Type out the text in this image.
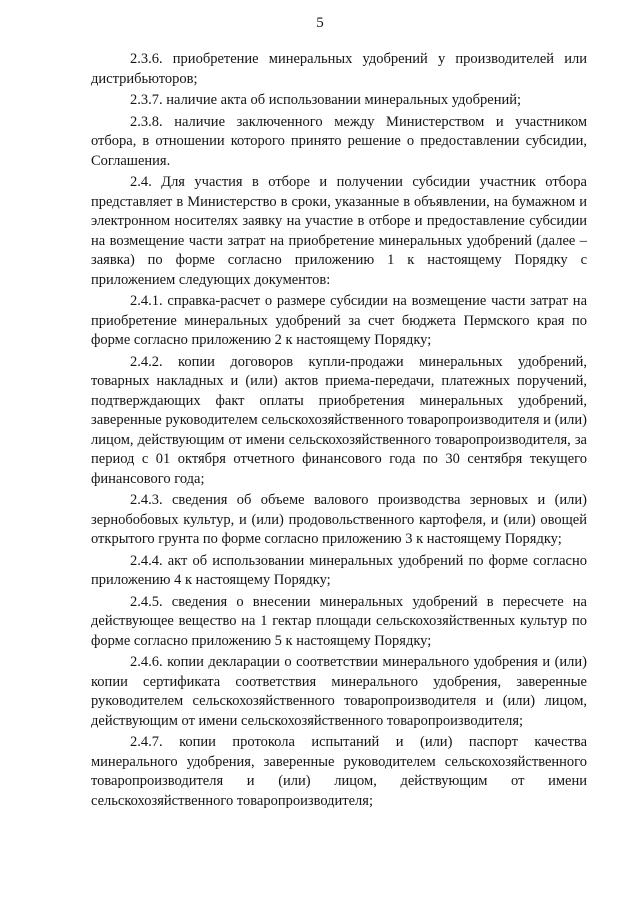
5

2.3.6. приобретение минеральных удобрений у производителей или дистрибьюторов;

2.3.7. наличие акта об использовании минеральных удобрений;

2.3.8. наличие заключенного между Министерством и участником отбора, в отношении которого принято решение о предоставлении субсидии, Соглашения.

2.4. Для участия в отборе и получении субсидии участник отбора представляет в Министерство в сроки, указанные в объявлении, на бумажном и электронном носителях заявку на участие в отборе и предоставление субсидии на возмещение части затрат на приобретение минеральных удобрений (далее – заявка) по форме согласно приложению 1 к настоящему Порядку с приложением следующих документов:

2.4.1. справка-расчет о размере субсидии на возмещение части затрат на приобретение минеральных удобрений за счет бюджета Пермского края по форме согласно приложению 2 к настоящему Порядку;

2.4.2. копии договоров купли-продажи минеральных удобрений, товарных накладных и (или) актов приема-передачи, платежных поручений, подтверждающих факт оплаты приобретения минеральных удобрений, заверенные руководителем сельскохозяйственного товаропроизводителя и (или) лицом, действующим от имени сельскохозяйственного товаропроизводителя, за период с 01 октября отчетного финансового года по 30 сентября текущего финансового года;

2.4.3. сведения об объеме валового производства зерновых и (или) зернобобовых культур, и (или) продовольственного картофеля, и (или) овощей открытого грунта по форме согласно приложению 3 к настоящему Порядку;

2.4.4. акт об использовании минеральных удобрений по форме согласно приложению 4 к настоящему Порядку;

2.4.5. сведения о внесении минеральных удобрений в пересчете на действующее вещество на 1 гектар площади сельскохозяйственных культур по форме согласно приложению 5 к настоящему Порядку;

2.4.6. копии декларации о соответствии минерального удобрения и (или) копии сертификата соответствия минерального удобрения, заверенные руководителем сельскохозяйственного товаропроизводителя и (или) лицом, действующим от имени сельскохозяйственного товаропроизводителя;

2.4.7. копии протокола испытаний и (или) паспорт качества минерального удобрения, заверенные руководителем сельскохозяйственного товаропроизводителя и (или) лицом, действующим от имени сельскохозяйственного товаропроизводителя;
